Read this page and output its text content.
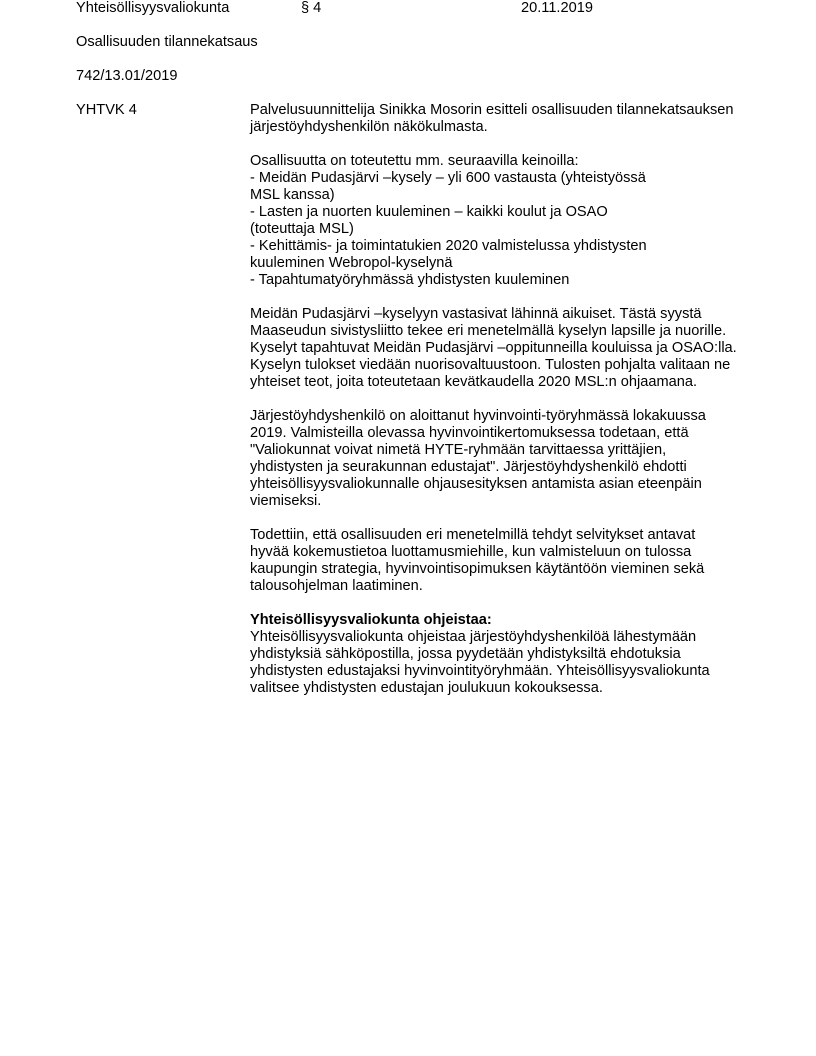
Yhteisöllisyysvaliokunta	§ 4	20.11.2019
Osallisuuden tilannekatsaus
742/13.01/2019
YHTVK 4	Palvelusuunnittelija Sinikka Mosorin esitteli osallisuuden tilannekatsauksen
järjestöyhdyshenkilön näkökulmasta.
Osallisuutta on toteutettu mm. seuraavilla keinoilla:
- Meidän Pudasjärvi –kysely – yli 600 vastausta (yhteistyössä
MSL kanssa)
- Lasten ja nuorten kuuleminen – kaikki koulut ja OSAO
(toteuttaja MSL)
- Kehittämis- ja toimintatukien 2020 valmistelussa yhdistysten
kuuleminen Webropol-kyselynä
- Tapahtumatyöryhmässä yhdistysten kuuleminen
Meidän Pudasjärvi –kyselyyn vastasivat lähinnä aikuiset. Tästä syystä
Maaseudun sivistysliitto tekee eri menetelmällä kyselyn lapsille ja nuorille.
Kyselyt tapahtuvat Meidän Pudasjärvi –oppitunneilla kouluissa ja OSAO:lla.
Kyselyn tulokset viedään nuorisovaltuustoon. Tulosten pohjalta valitaan ne
yhteiset teot, joita toteutetaan kevätkaudella 2020 MSL:n ohjaamana.
Järjestöyhdyshenkilö on aloittanut hyvinvointi-työryhmässä lokakuussa
2019. Valmisteilla olevassa hyvinvointikertomuksessa todetaan, että
"Valiokunnat voivat nimetä HYTE-ryhmään tarvittaessa yrittäjien,
yhdistysten ja seurakunnan edustajat". Järjestöyhdyshenkilö ehdotti
yhteisöllisyysvaliokunnalle ohjausesityksen antamista asian eteenpäin
viemiseksi.
Todettiin, että osallisuuden eri menetelmillä tehdyt selvitykset antavat
hyvää kokemustietoa luottamusmiehille, kun valmisteluun on tulossa
kaupungin strategia, hyvinvointisopimuksen käytäntöön vieminen sekä
talousohjelman laatiminen.
Yhteisöllisyysvaliokunta ohjeistaa:
Yhteisöllisyysvaliokunta ohjeistaa järjestöyhdyshenkilöä lähestymään
yhdistyksiä sähköpostilla, jossa pyydetään yhdistyksiltä ehdotuksia
yhdistysten edustajaksi hyvinvointityöryhmään. Yhteisöllisyysvaliokunta
valitsee yhdistysten edustajan joulukuun kokouksessa.
